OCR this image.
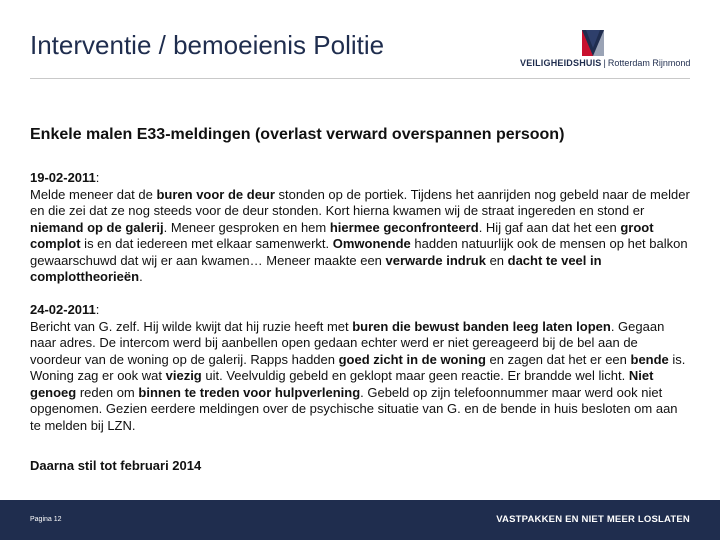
Interventie / bemoeienis Politie
VEILIGHEIDSHUIS | Rotterdam Rijnmond
Enkele malen E33-meldingen (overlast verward overspannen persoon)

19-02-2011:
Melde meneer dat de buren voor de deur stonden op de portiek. Tijdens het aanrijden nog gebeld naar de melder en die zei dat ze nog steeds voor de deur stonden. Kort hierna kwamen wij de straat ingereden en stond er niemand op de galerij. Meneer gesproken en hem hiermee geconfronteerd. Hij gaf aan dat het een groot complot is en dat iedereen met elkaar samenwerkt. Omwonende hadden natuurlijk ook de mensen op het balkon gewaarschuwd dat wij er aan kwamen… Meneer maakte een verwarde indruk en dacht te veel in complottheorieën.

24-02-2011:
Bericht van G. zelf. Hij wilde kwijt dat hij ruzie heeft met buren die bewust banden leeg laten lopen. Gegaan naar adres. De intercom werd bij aanbellen open gedaan echter werd er niet gereageerd bij de bel aan de voordeur van de woning op de galerij. Rapps hadden goed zicht in de woning en zagen dat het er een bende is. Woning zag er ook wat viezig uit. Veelvuldig gebeld en geklopt maar geen reactie. Er brandde wel licht. Niet genoeg reden om binnen te treden voor hulpverlening. Gebeld op zijn telefoonnummer maar werd ook niet opgenomen. Gezien eerdere meldingen over de psychische situatie van G. en de bende in huis besloten om aan te melden bij LZN.

Daarna stil tot februari 2014
Pagina 12	VASTPAKKEN EN NIET MEER LOSLATEN
